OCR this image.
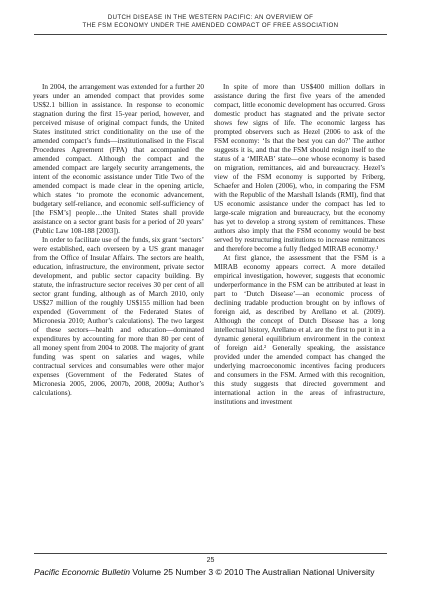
DUTCH DISEASE IN THE WESTERN PACIFIC: AN OVERVIEW OF
THE FSM ECONOMY UNDER THE AMENDED COMPACT OF FREE ASSOCIATION

In 2004, the arrangement was extended for a further 20 years under an amended compact that provides some US$2.1 billion in assistance. In response to economic stagnation during the first 15-year period, however, and perceived misuse of original compact funds, the United States instituted strict conditionality on the use of the amended compact’s funds—institutionalised in the Fiscal Procedures Agreement (FPA) that accompanied the amended compact. Although the compact and the amended compact are largely security arrangements, the intent of the economic assistance under Title Two of the amended compact is made clear in the opening article, which states ‘to promote the economic advancement, budgetary self-reliance, and economic self-sufficiency of [the FSM’s] people…the United States shall provide assistance on a sector grant basis for a period of 20 years’ (Public Law 108-188 [2003]).

In order to facilitate use of the funds, six grant ‘sectors’ were established, each overseen by a US grant manager from the Office of Insular Affairs. The sectors are health, education, infrastructure, the environment, private sector development, and public sector capacity building. By statute, the infrastructure sector receives 30 per cent of all sector grant funding, although as of March 2010, only US$27 million of the roughly US$155 million had been expended (Government of the Federated States of Micronesia 2010; Author’s calculations). The two largest of these sectors—health and education—dominated expenditures by accounting for more than 80 per cent of all money spent from 2004 to 2008. The majority of grant funding was spent on salaries and wages, while contractual services and consumables were other major expenses (Government of the Federated States of Micronesia 2005, 2006, 2007b, 2008, 2009a; Author’s calculations).

In spite of more than US$400 million dollars in assistance during the first five years of the amended compact, little economic development has occurred. Gross domestic product has stagnated and the private sector shows few signs of life. The economic largess has prompted observers such as Hezel (2006 to ask of the FSM economy: ‘Is that the best you can do?’ The author suggests it is, and that the FSM should resign itself to the status of a ‘MIRAB’ state—one whose economy is based on migration, remittances, aid and bureaucracy. Hezel’s view of the FSM economy is supported by Friberg, Schaefer and Holen (2006), who, in comparing the FSM with the Republic of the Marshall Islands (RMI), find that US economic assistance under the compact has led to large-scale migration and bureaucracy, but the economy has yet to develop a strong system of remittances. These authors also imply that the FSM economy would be best served by restructuring institutions to increase remittances and therefore become a fully fledged MIRAB economy.¹

At first glance, the assessment that the FSM is a MIRAB economy appears correct. A more detailed empirical investigation, however, suggests that economic underperformance in the FSM can be attributed at least in part to ‘Dutch Disease’—an economic process of declining tradable production brought on by inflows of foreign aid, as described by Arellano et al. (2009). Although the concept of Dutch Disease has a long intellectual history, Arellano et al. are the first to put it in a dynamic general equilibrium environment in the context of foreign aid.² Generally speaking, the assistance provided under the amended compact has changed the underlying macroeconomic incentives facing producers and consumers in the FSM. Armed with this recognition, this study suggests that directed government and international action in the areas of infrastructure, institutions and investment

25
Pacific Economic Bulletin Volume 25 Number 3 © 2010 The Australian National University
